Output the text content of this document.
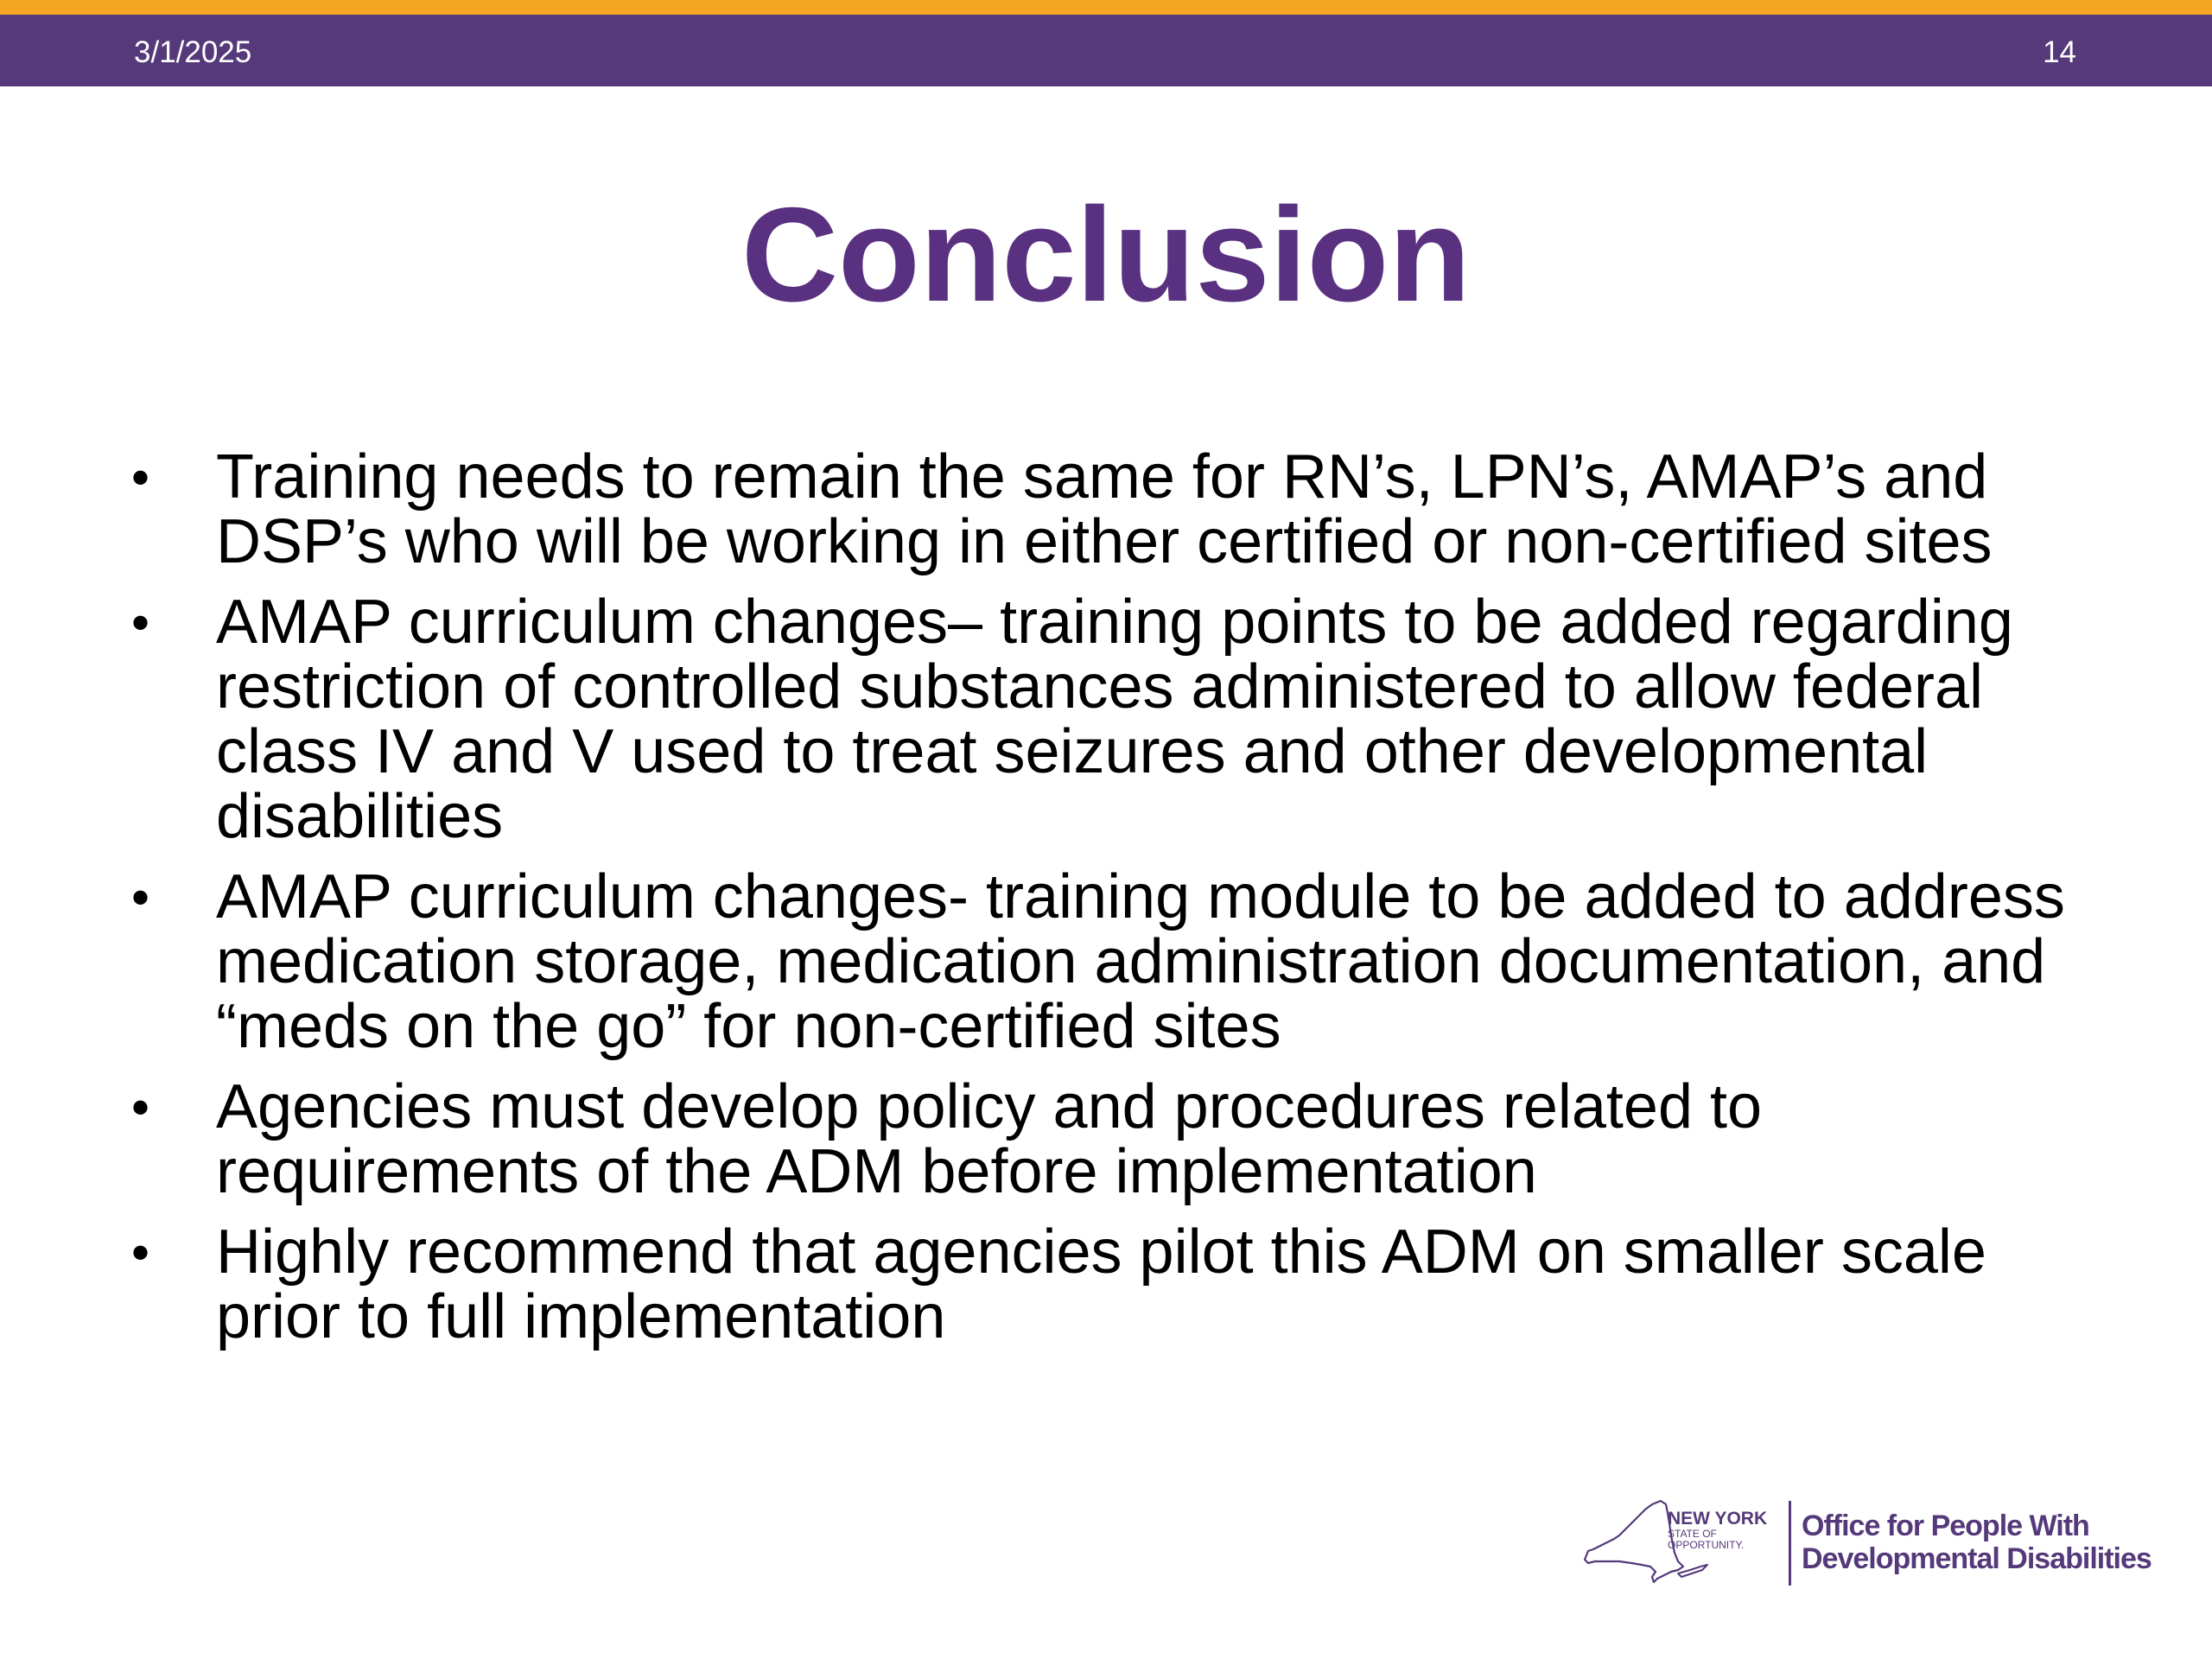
3/1/2025	14
Conclusion
• Training needs to remain the same for RN’s, LPN’s, AMAP’s and DSP’s who will be working in either certified or non-certified sites
• AMAP curriculum changes– training points to be added regarding restriction of controlled substances administered to allow federal class IV and V used to treat seizures and other developmental disabilities
• AMAP curriculum changes- training module to be added to address medication storage, medication administration documentation, and “meds on the go” for non-certified sites
• Agencies must develop policy and procedures related to requirements of the ADM before implementation
• Highly recommend that agencies pilot this ADM on smaller scale prior to full implementation
NEW YORK
STATE OF
OPPORTUNITY.
Office for People With
Developmental Disabilities
